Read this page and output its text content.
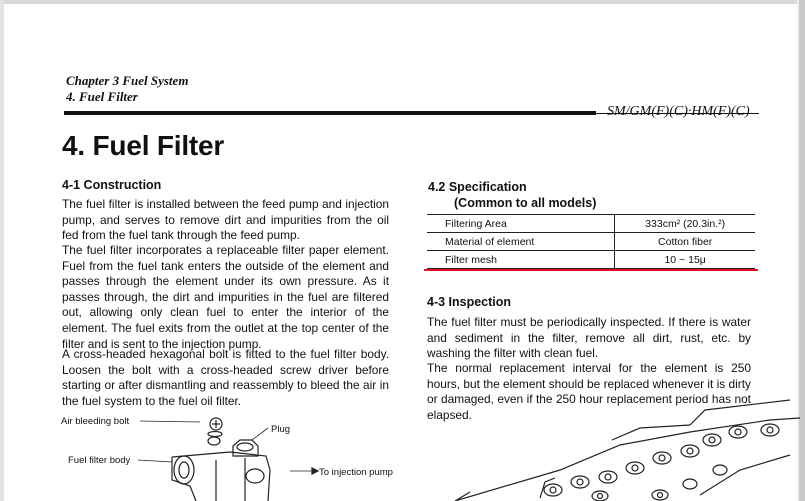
Chapter 3 Fuel System
4. Fuel Filter
SM/GM(F)(C)·HM(F)(C)
4. Fuel Filter
4-1 Construction

The fuel filter is installed between the feed pump and injection pump, and serves to remove dirt and impurities from the oil fed from the fuel tank through the feed pump.

The fuel filter incorporates a replaceable filter paper element. Fuel from the fuel tank enters the outside of the element and passes through the element under its own pressure. As it passes through, the dirt and impurities in the fuel are filtered out, allowing only clean fuel to enter the interior of the element. The fuel exits from the outlet at the top center of the filter and is sent to the injection pump.

A cross-headed hexagonal bolt is fitted to the fuel filter body. Loosen the bolt with a cross-headed screw driver before starting or after dismantling and reassembly to bleed the air in the fuel system to the fuel oil filter.

4.2 Specification
(Common to all models)
Filtering Area	333cm² (20.3in.²)
Material of element	Cotton fiber
Filter mesh	10 ~ 15μ
4-3 Inspection

The fuel filter must be periodically inspected. If there is water and sediment in the filter, remove all dirt, rust, etc. by washing the filter with clean fuel.

The normal replacement interval for the element is 250 hours, but the element should be replaced whenever it is dirty or damaged, even if the 250 hour replacement period has not elapsed.

Air bleeding bolt
Plug
Fuel filter body
To injection pump
